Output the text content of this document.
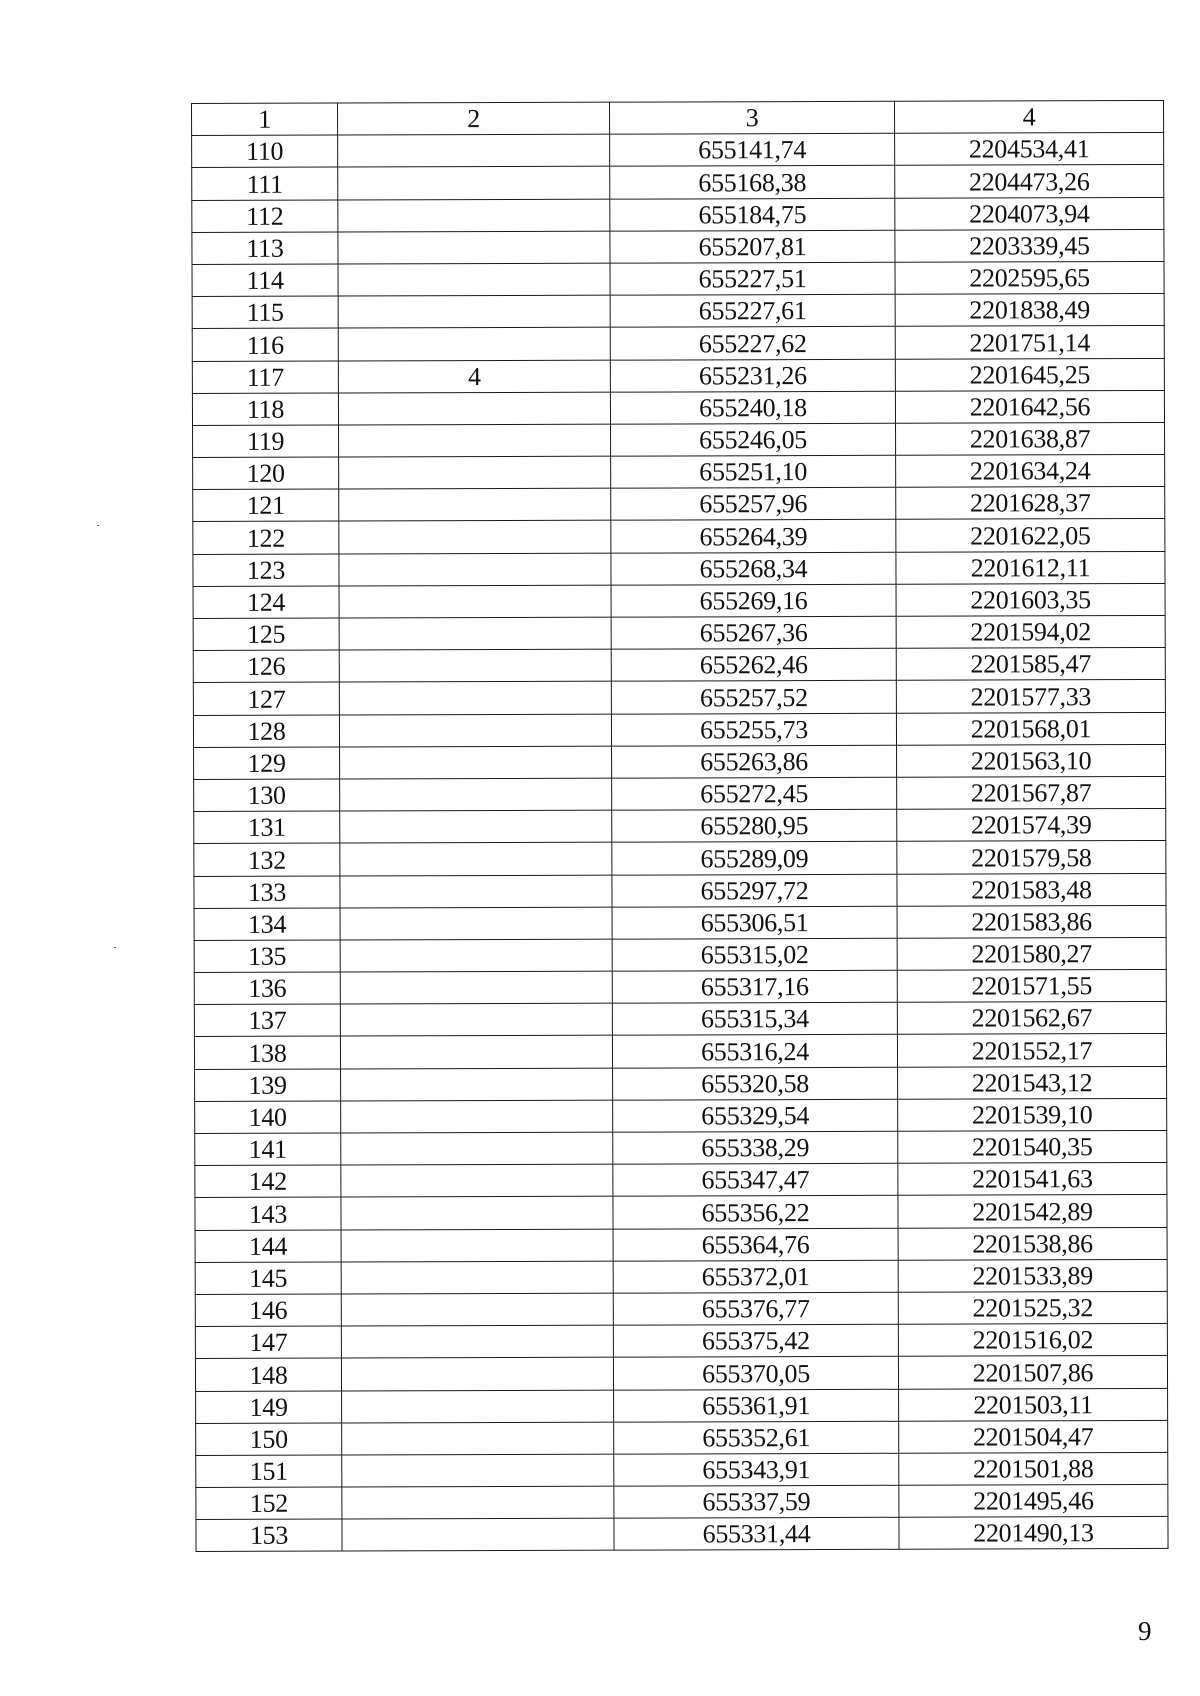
1	2	3	4
110		655141,74	2204534,41
111		655168,38	2204473,26
112		655184,75	2204073,94
113		655207,81	2203339,45
114		655227,51	2202595,65
115		655227,61	2201838,49
116		655227,62	2201751,14
117	4	655231,26	2201645,25
118		655240,18	2201642,56
119		655246,05	2201638,87
120		655251,10	2201634,24
121		655257,96	2201628,37
122		655264,39	2201622,05
123		655268,34	2201612,11
124		655269,16	2201603,35
125		655267,36	2201594,02
126		655262,46	2201585,47
127		655257,52	2201577,33
128		655255,73	2201568,01
129		655263,86	2201563,10
130		655272,45	2201567,87
131		655280,95	2201574,39
132		655289,09	2201579,58
133		655297,72	2201583,48
134		655306,51	2201583,86
135		655315,02	2201580,27
136		655317,16	2201571,55
137		655315,34	2201562,67
138		655316,24	2201552,17
139		655320,58	2201543,12
140		655329,54	2201539,10
141		655338,29	2201540,35
142		655347,47	2201541,63
143		655356,22	2201542,89
144		655364,76	2201538,86
145		655372,01	2201533,89
146		655376,77	2201525,32
147		655375,42	2201516,02
148		655370,05	2201507,86
149		655361,91	2201503,11
150		655352,61	2201504,47
151		655343,91	2201501,88
152		655337,59	2201495,46
153		655331,44	2201490,13
9
